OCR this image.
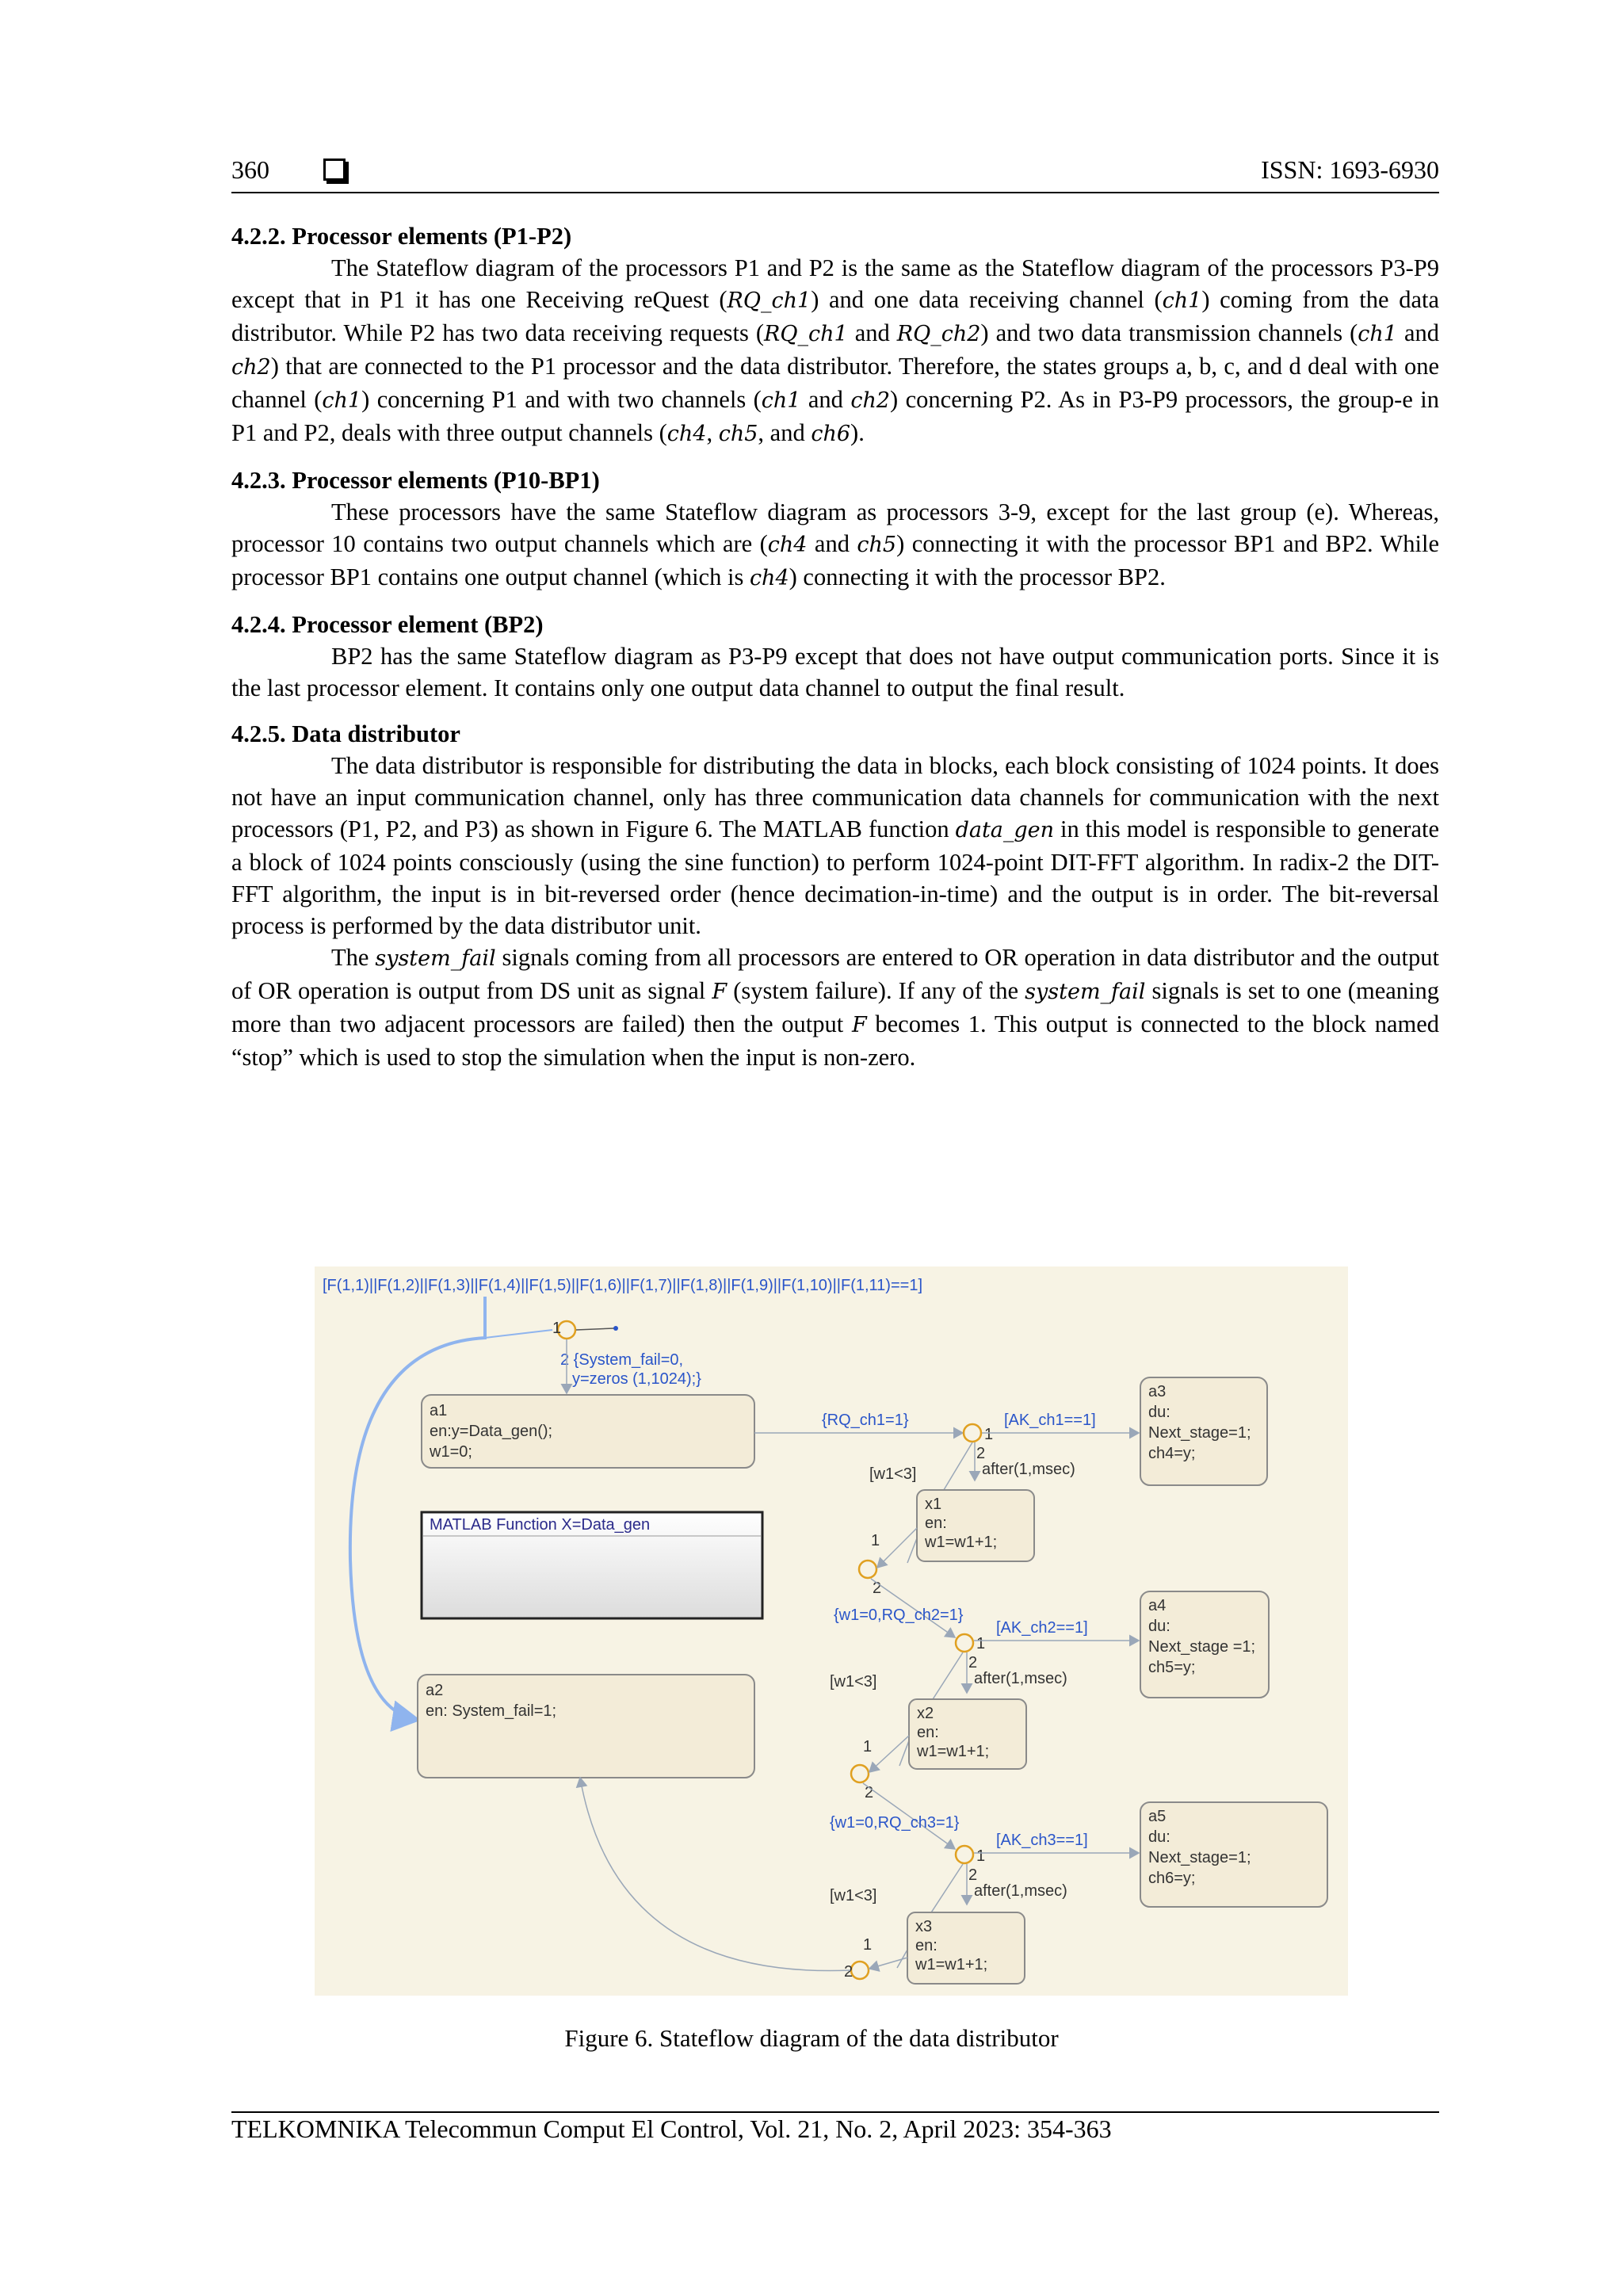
360	ISSN: 1693-6930
4.2.2. Processor elements (P1-P2)

The Stateflow diagram of the processors P1 and P2 is the same as the Stateflow diagram of the processors P3-P9 except that in P1 it has one Receiving reQuest (RQ_ch1) and one data receiving channel (ch1) coming from the data distributor. While P2 has two data receiving requests (RQ_ch1 and RQ_ch2) and two data transmission channels (ch1 and ch2) that are connected to the P1 processor and the data distributor. Therefore, the states groups a, b, c, and d deal with one channel (ch1) concerning P1 and with two channels (ch1 and ch2) concerning P2. As in P3-P9 processors, the group-e in P1 and P2, deals with three output channels (ch4, ch5, and ch6).

4.2.3. Processor elements (P10-BP1)

These processors have the same Stateflow diagram as processors 3-9, except for the last group (e). Whereas, processor 10 contains two output channels which are (ch4 and ch5) connecting it with the processor BP1 and BP2. While processor BP1 contains one output channel (which is ch4) connecting it with the processor BP2.

4.2.4. Processor element (BP2)

BP2 has the same Stateflow diagram as P3-P9 except that does not have output communication ports. Since it is the last processor element. It contains only one output data channel to output the final result.

4.2.5. Data distributor

The data distributor is responsible for distributing the data in blocks, each block consisting of 1024 points. It does not have an input communication channel, only has three communication data channels for communication with the next processors (P1, P2, and P3) as shown in Figure 6. The MATLAB function data_gen in this model is responsible to generate a block of 1024 points consciously (using the sine function) to perform 1024-point DIT-FFT algorithm. In radix-2 the DIT-FFT algorithm, the input is in bit-reversed order (hence decimation-in-time) and the output is in order. The bit-reversal process is performed by the data distributor unit.

The system_fail signals coming from all processors are entered to OR operation in data distributor and the output of OR operation is output from DS unit as signal F (system failure). If any of the system_fail signals is set to one (meaning more than two adjacent processors are failed) then the output F becomes 1. This output is connected to the block named “stop” which is used to stop the simulation when the input is non-zero.

[F(1,1)||F(1,2)||F(1,3)||F(1,4)||F(1,5)||F(1,6)||F(1,7)||F(1,8)||F(1,9)||F(1,10)||F(1,11)==1]
1
2 {System_fail=0,
y=zeros (1,1024);}
a1
en:y=Data_gen();
w1=0;
MATLAB Function X=Data_gen
a2
en: System_fail=1;
{RQ_ch1=1}
1
2
[AK_ch1==1]
after(1,msec)
[w1<3]
a3
du:
Next_stage=1;
ch4=y;
x1
en:
w1=w1+1;
1
2
{w1=0,RQ_ch2=1}
1
2
[AK_ch2==1]
after(1,msec)
[w1<3]
a4
du:
Next_stage =1;
ch5=y;
x2
en:
w1=w1+1;
1
2
{w1=0,RQ_ch3=1}
1
2
[AK_ch3==1]
after(1,msec)
[w1<3]
a5
du:
Next_stage=1;
ch6=y;
x3
en:
w1=w1+1;
1
2
Figure 6. Stateflow diagram of the data distributor
TELKOMNIKA Telecommun Comput El Control, Vol. 21, No. 2, April 2023: 354-363
